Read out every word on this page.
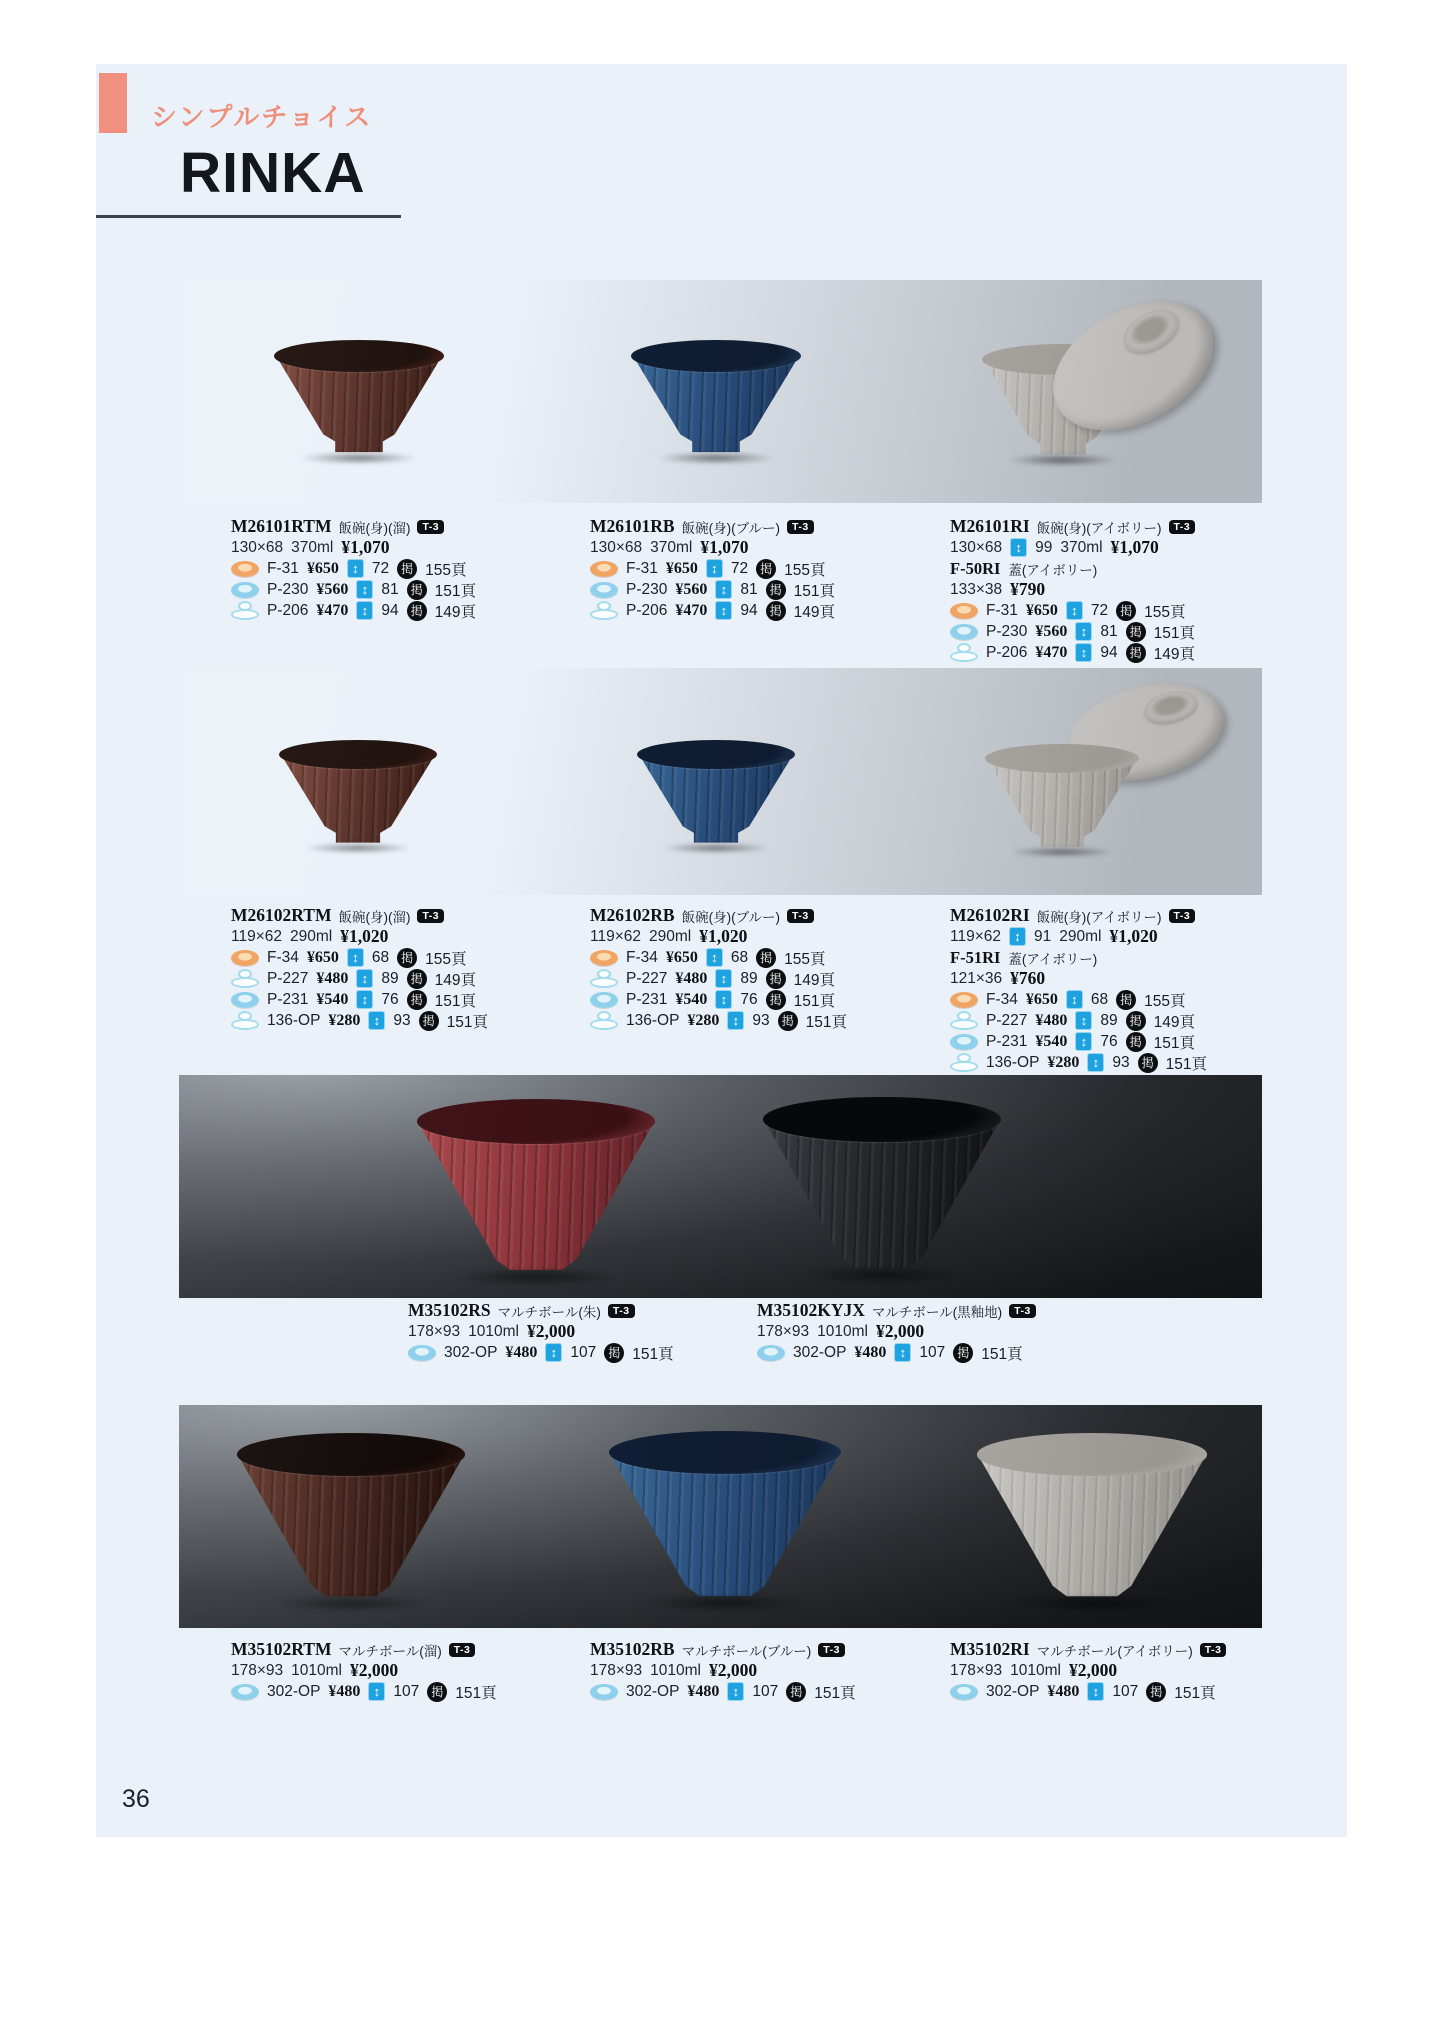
シンプルチョイス
RINKA
M26101RTM 飯碗(身)(溜)	T-3
130×68 370ml ¥1,070
F-31 ¥650	↕ 72 掲 155頁
P-230 ¥560	↕ 81 掲 151頁
P-206 ¥470	↕ 94 掲 149頁
M26101RB 飯碗(身)(ブルー)	T-3
130×68 370ml ¥1,070
F-31 ¥650	↕ 72 掲 155頁
P-230 ¥560	↕ 81 掲 151頁
P-206 ¥470	↕ 94 掲 149頁
M26101RI 飯碗(身)(アイボリー)	T-3
130×68	↕ 99 370ml ¥1,070
F-50RI 蓋(アイボリー)
133×38 ¥790
F-31 ¥650	↕ 72 掲 155頁
P-230 ¥560	↕ 81 掲 151頁
P-206 ¥470	↕ 94 掲 149頁
M26102RTM 飯碗(身)(溜)	T-3
119×62 290ml ¥1,020
F-34 ¥650	↕ 68 掲 155頁
P-227 ¥480	↕ 89 掲 149頁
P-231 ¥540	↕ 76 掲 151頁
136-OP ¥280	↕ 93 掲 151頁
M26102RB 飯碗(身)(ブルー)	T-3
119×62 290ml ¥1,020
F-34 ¥650	↕ 68 掲 155頁
P-227 ¥480	↕ 89 掲 149頁
P-231 ¥540	↕ 76 掲 151頁
136-OP ¥280	↕ 93 掲 151頁
M26102RI 飯碗(身)(アイボリー)	T-3
119×62	↕ 91 290ml ¥1,020
F-51RI 蓋(アイボリー)
121×36 ¥760
F-34 ¥650	↕ 68 掲 155頁
P-227 ¥480	↕ 89 掲 149頁
P-231 ¥540	↕ 76 掲 151頁
136-OP ¥280	↕ 93 掲 151頁
M35102RS マルチボール(朱)	T-3
178×93 1010ml ¥2,000
302-OP ¥480	↕ 107 掲 151頁
M35102KYJX マルチボール(黒釉地)	T-3
178×93 1010ml ¥2,000
302-OP ¥480	↕ 107 掲 151頁
M35102RTM マルチボール(溜)	T-3
178×93 1010ml ¥2,000
302-OP ¥480	↕ 107 掲 151頁
M35102RB マルチボール(ブルー)	T-3
178×93 1010ml ¥2,000
302-OP ¥480	↕ 107 掲 151頁
M35102RI マルチボール(アイボリー)	T-3
178×93 1010ml ¥2,000
302-OP ¥480	↕ 107 掲 151頁
36
